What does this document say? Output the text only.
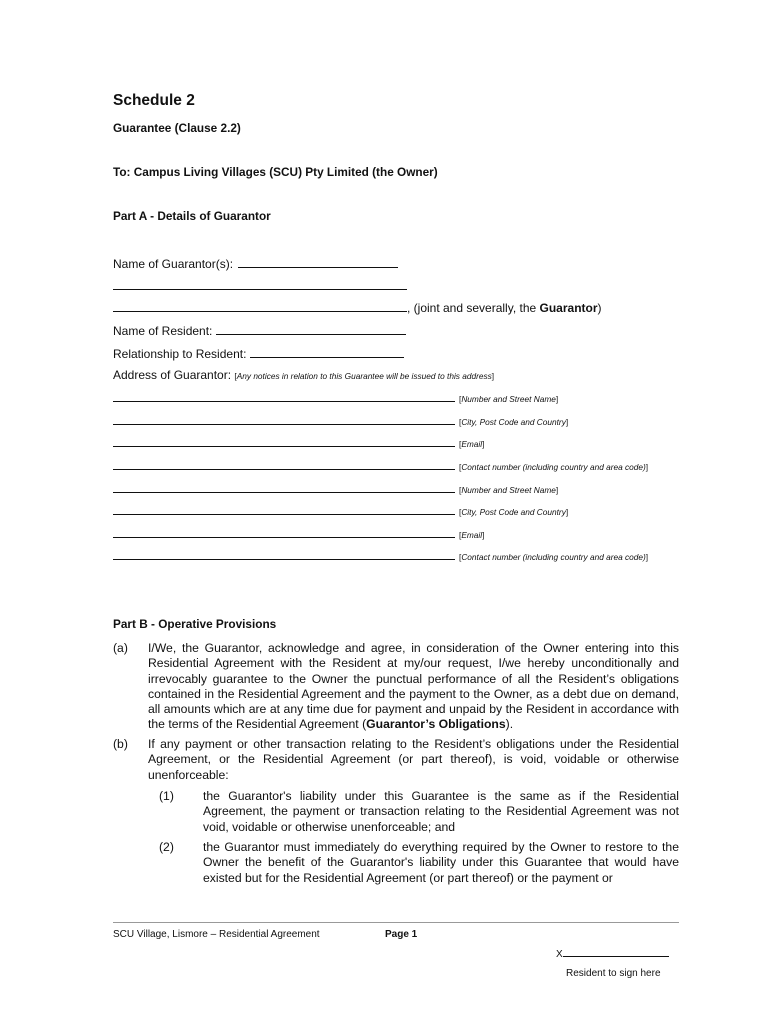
Schedule 2
Guarantee (Clause 2.2)
To: Campus Living Villages (SCU) Pty Limited (the Owner)
Part A - Details of Guarantor
Name of Guarantor(s):
, (joint and severally, the Guarantor)
Name of Resident:
Relationship to Resident:
Address of Guarantor: [Any notices in relation to this Guarantee will be issued to this address]
[Number and Street Name]
[City, Post Code and Country]
[Email]
[Contact number (including country and area code)]
[Number and Street Name]
[City, Post Code and Country]
[Email]
[Contact number (including country and area code)]
Part B - Operative Provisions
(a) I/We, the Guarantor, acknowledge and agree, in consideration of the Owner entering into this Residential Agreement with the Resident at my/our request, I/we hereby unconditionally and irrevocably guarantee to the Owner the punctual performance of all the Resident’s obligations contained in the Residential Agreement and the payment to the Owner, as a debt due on demand, all amounts which are at any time due for payment and unpaid by the Resident in accordance with the terms of the Residential Agreement (Guarantor’s Obligations).
(b) If any payment or other transaction relating to the Resident’s obligations under the Residential Agreement, or the Residential Agreement (or part thereof), is void, voidable or otherwise unenforceable:
(1) the Guarantor's liability under this Guarantee is the same as if the Residential Agreement, the payment or transaction relating to the Residential Agreement was not void, voidable or otherwise unenforceable; and
(2) the Guarantor must immediately do everything required by the Owner to restore to the Owner the benefit of the Guarantor's liability under this Guarantee that would have existed but for the Residential Agreement (or part thereof) or the payment or
SCU Village, Lismore – Residential Agreement	Page 1
X
Resident to sign here
